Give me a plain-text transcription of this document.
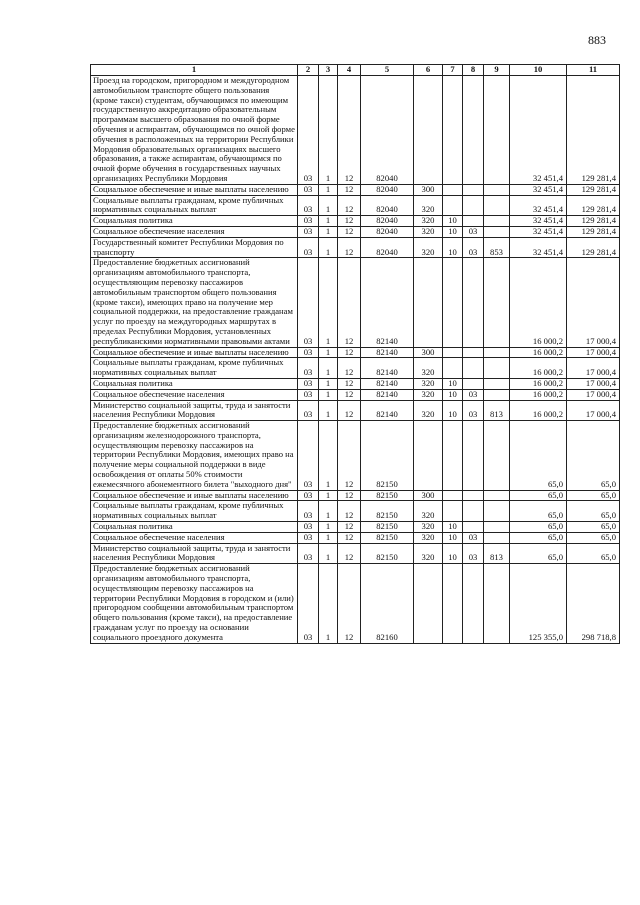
883
1	2	3	4	5	6	7	8	9	10	11
Проезд на городском, пригородном и междугородном автомобильном транспорте общего пользования (кроме такси) студентам, обучающимся по имеющим государственную аккредитацию образовательным программам высшего образования по очной форме обучения и аспирантам, обучающимся по очной форме обучения в расположенных на территории Республики Мордовия образовательных организациях высшего образования, а также аспирантам, обучающимся по очной форме обучения в государственных научных организациях Республики Мордовия	03	1	12	82040					32 451,4	129 281,4
Социальное обеспечение и иные выплаты населению	03	1	12	82040	300				32 451,4	129 281,4
Социальные выплаты гражданам, кроме публичных нормативных социальных выплат	03	1	12	82040	320				32 451,4	129 281,4
Социальная политика	03	1	12	82040	320	10			32 451,4	129 281,4
Социальное обеспечение населения	03	1	12	82040	320	10	03		32 451,4	129 281,4
Государственный комитет Республики Мордовия по транспорту	03	1	12	82040	320	10	03	853	32 451,4	129 281,4
Предоставление бюджетных ассигнований организациям автомобильного транспорта, осуществляющим перевозку пассажиров автомобильным транспортом общего пользования (кроме такси), имеющих право на получение мер социальной поддержки, на предоставление гражданам услуг по проезду на междугородных маршрутах в пределах Республики Мордовия, установленных республиканскими нормативными правовыми актами	03	1	12	82140					16 000,2	17 000,4
Социальное обеспечение и иные выплаты населению	03	1	12	82140	300				16 000,2	17 000,4
Социальные выплаты гражданам, кроме публичных нормативных социальных выплат	03	1	12	82140	320				16 000,2	17 000,4
Социальная политика	03	1	12	82140	320	10			16 000,2	17 000,4
Социальное обеспечение населения	03	1	12	82140	320	10	03		16 000,2	17 000,4
Министерство социальной защиты, труда и занятости населения Республики Мордовия	03	1	12	82140	320	10	03	813	16 000,2	17 000,4
Предоставление бюджетных ассигнований организациям железнодорожного транспорта, осуществляющим перевозку пассажиров на территории Республики Мордовия, имеющих право на получение меры социальной поддержки в виде освобождения от оплаты 50% стоимости ежемесячного абонементного билета "выходного дня"	03	1	12	82150					65,0	65,0
Социальное обеспечение и иные выплаты населению	03	1	12	82150	300				65,0	65,0
Социальные выплаты гражданам, кроме публичных нормативных социальных выплат	03	1	12	82150	320				65,0	65,0
Социальная политика	03	1	12	82150	320	10			65,0	65,0
Социальное обеспечение населения	03	1	12	82150	320	10	03		65,0	65,0
Министерство социальной защиты, труда и занятости населения Республики Мордовия	03	1	12	82150	320	10	03	813	65,0	65,0
Предоставление бюджетных ассигнований организациям автомобильного транспорта, осуществляющим перевозку пассажиров на территории Республики Мордовия в городском и (или) пригородном сообщении автомобильным транспортом общего пользования (кроме такси), на предоставление гражданам услуг по проезду на основании социального проездного документа	03	1	12	82160					125 355,0	298 718,8
